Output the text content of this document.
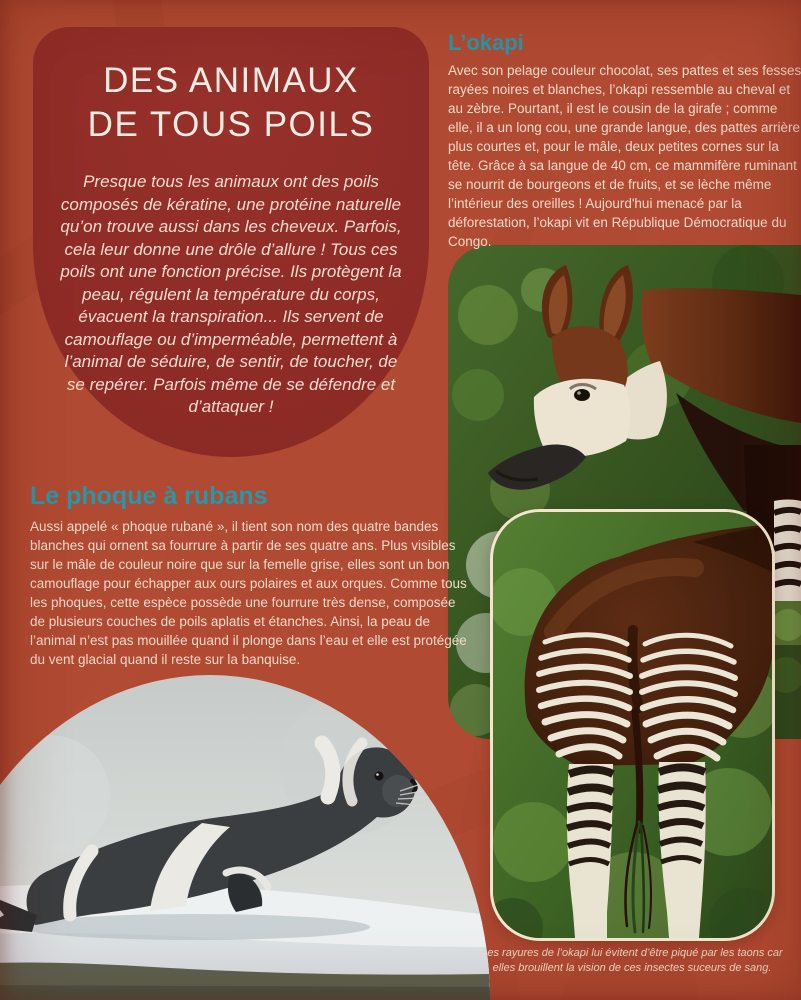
DES ANIMAUX
DE TOUS POILS

Presque tous les animaux ont des poils composés de kératine, une protéine naturelle qu’on trouve aussi dans les cheveux. Parfois, cela leur donne une drôle d’allure ! Tous ces poils ont une fonction précise. Ils protègent la peau, régulent la température du corps, évacuent la transpiration... Ils servent de camouflage ou d’imperméable, permettent à l’animal de séduire, de sentir, de toucher, de se repérer. Parfois même de se défendre et d’attaquer !

L’okapi

Avec son pelage couleur chocolat, ses pattes et ses fesses rayées noires et blanches, l’okapi ressemble au cheval et au zèbre. Pourtant, il est le cousin de la girafe ; comme elle, il a un long cou, une grande langue, des pattes arrière plus courtes et, pour le mâle, deux petites cornes sur la tête. Grâce à sa langue de 40 cm, ce mammifère ruminant se nourrit de bourgeons et de fruits, et se lèche même l’intérieur des oreilles ! Aujourd'hui menacé par la déforestation, l’okapi vit en République Démocratique du Congo.

Le phoque à rubans

Aussi appelé « phoque rubané », il tient son nom des quatre bandes blanches qui ornent sa fourrure à partir de ses quatre ans. Plus visibles sur le mâle de couleur noire que sur la femelle grise, elles sont un bon camouflage pour échapper aux ours polaires et aux orques. Comme tous les phoques, cette espèce possède une fourrure très dense, composée de plusieurs couches de poils aplatis et étanches. Ainsi, la peau de l’animal n’est pas mouillée quand il plonge dans l’eau et elle est protégée du vent glacial quand il reste sur la banquise.

Les rayures de l’okapi lui évitent d’être piqué par les taons car elles brouillent la vision de ces insectes suceurs de sang.
